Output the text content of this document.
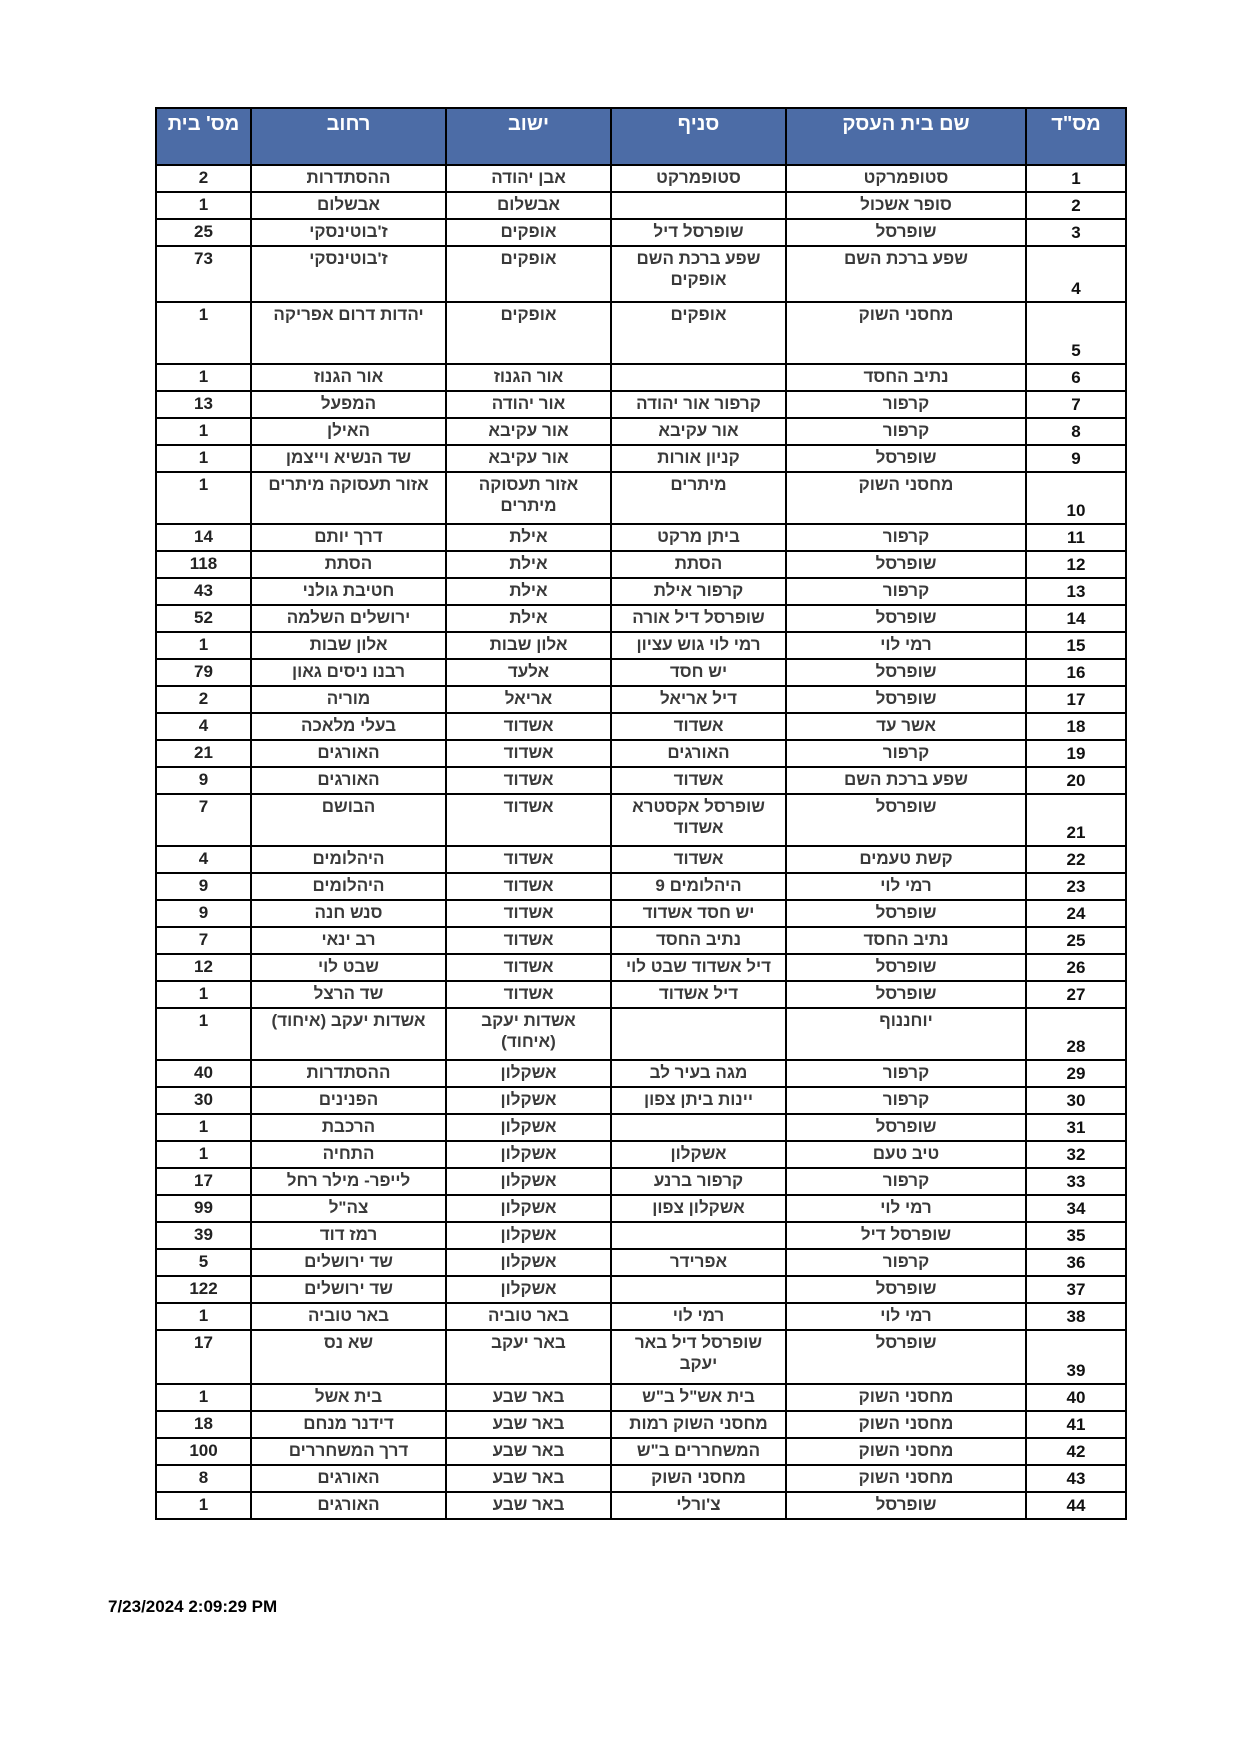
מס"ד	שם בית העסק	סניף	ישוב	רחוב	מס' בית
1	סטופמרקט	סטופמרקט	אבן יהודה	ההסתדרות	2
2	סופר אשכול		אבשלום	אבשלום	1
3	שופרסל	שופרסל דיל	אופקים	ז'בוטינסקי	25
4	שפע ברכת השם	שפע ברכת השם אופקים	אופקים	ז'בוטינסקי	73
5	מחסני השוק	אופקים	אופקים	יהדות דרום אפריקה	1
6	נתיב החסד		אור הגנוז	אור הגנוז	1
7	קרפור	קרפור אור יהודה	אור יהודה	המפעל	13
8	קרפור	אור עקיבא	אור עקיבא	האילן	1
9	שופרסל	קניון אורות	אור עקיבא	שד הנשיא וייצמן	1
10	מחסני השוק	מיתרים	אזור תעסוקה מיתרים	אזור תעסוקה מיתרים	1
11	קרפור	ביתן מרקט	אילת	דרך יותם	14
12	שופרסל	הסתת	אילת	הסתת	118
13	קרפור	קרפור אילת	אילת	חטיבת גולני	43
14	שופרסל	שופרסל דיל אורה	אילת	ירושלים השלמה	52
15	רמי לוי	רמי לוי גוש עציון	אלון שבות	אלון שבות	1
16	שופרסל	יש חסד	אלעד	רבנו ניסים גאון	79
17	שופרסל	דיל אריאל	אריאל	מוריה	2
18	אשר עד	אשדוד	אשדוד	בעלי מלאכה	4
19	קרפור	האורגים	אשדוד	האורגים	21
20	שפע ברכת השם	אשדוד	אשדוד	האורגים	9
21	שופרסל	שופרסל אקסטרא אשדוד	אשדוד	הבושם	7
22	קשת טעמים	אשדוד	אשדוד	היהלומים	4
23	רמי לוי	היהלומים 9	אשדוד	היהלומים	9
24	שופרסל	יש חסד אשדוד	אשדוד	סנש חנה	9
25	נתיב החסד	נתיב החסד	אשדוד	רב ינאי	7
26	שופרסל	דיל אשדוד שבט לוי	אשדוד	שבט לוי	12
27	שופרסל	דיל אשדוד	אשדוד	שד הרצל	1
28	יוחננוף		אשדות יעקב (איחוד)	אשדות יעקב (איחוד)	1
29	קרפור	מגה בעיר לב	אשקלון	ההסתדרות	40
30	קרפור	יינות ביתן צפון	אשקלון	הפנינים	30
31	שופרסל		אשקלון	הרכבת	1
32	טיב טעם	אשקלון	אשקלון	התחיה	1
33	קרפור	קרפור ברנע	אשקלון	לייפר- מילר רחל	17
34	רמי לוי	אשקלון צפון	אשקלון	צה"ל	99
35	שופרסל דיל		אשקלון	רמז דוד	39
36	קרפור	אפרידר	אשקלון	שד ירושלים	5
37	שופרסל		אשקלון	שד ירושלים	122
38	רמי לוי	רמי לוי	באר טוביה	באר טוביה	1
39	שופרסל	שופרסל דיל באר יעקב	באר יעקב	שא נס	17
40	מחסני השוק	בית אש"ל ב"ש	באר שבע	בית אשל	1
41	מחסני השוק	מחסני השוק רמות	באר שבע	דידנר מנחם	18
42	מחסני השוק	המשחררים ב"ש	באר שבע	דרך המשחררים	100
43	מחסני השוק	מחסני השוק	באר שבע	האורגים	8
44	שופרסל	צ'ורלי	באר שבע	האורגים	1
7/23/2024 2:09:29 PM
